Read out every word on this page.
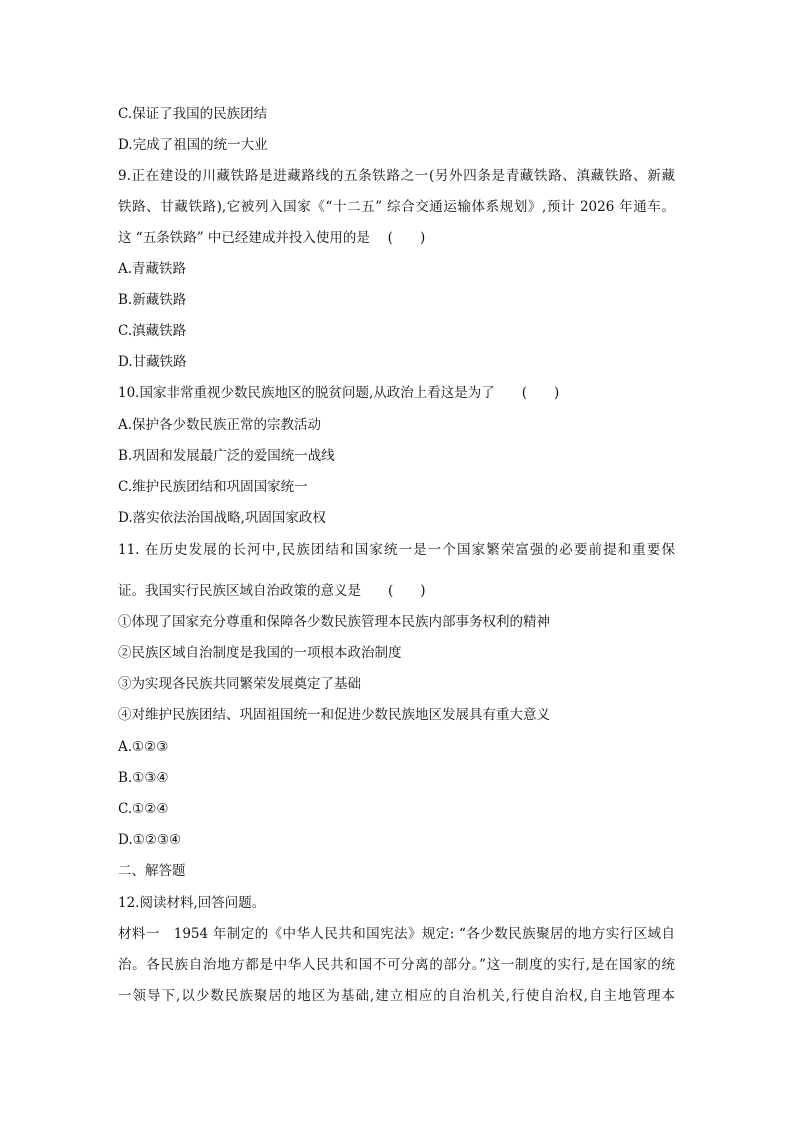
C.保证了我国的民族团结
D.完成了祖国的统一大业
9.正在建设的川藏铁路是进藏路线的五条铁路之一(另外四条是青藏铁路、滇藏铁路、新藏
铁路、甘藏铁路),它被列入国家《“十二五” 综合交通运输体系规划》,预计 2026 年通车。
这 “五条铁路” 中已经建成并投入使用的是 　(　　)
A.青藏铁路
B.新藏铁路
C.滇藏铁路
D.甘藏铁路
10.国家非常重视少数民族地区的脱贫问题,从政治上看这是为了　　(　　)
A.保护各少数民族正常的宗教活动
B.巩固和发展最广泛的爱国统一战线
C.维护民族团结和巩固国家统一
D.落实依法治国战略,巩固国家政权
11. 在历史发展的长河中,民族团结和国家统一是一个国家繁荣富强的必要前提和重要保
证。我国实行民族区域自治政策的意义是　　(　　)
①体现了国家充分尊重和保障各少数民族管理本民族内部事务权利的精神
②民族区域自治制度是我国的一项根本政治制度
③为实现各民族共同繁荣发展奠定了基础
④对维护民族团结、巩固祖国统一和促进少数民族地区发展具有重大意义
A.①②③
B.①③④
C.①②④
D.①②③④
二、解答题
12.阅读材料,回答问题。
材料一　1954 年制定的《中华人民共和国宪法》规定: “各少数民族聚居的地方实行区域自
治。各民族自治地方都是中华人民共和国不可分离的部分。”这一制度的实行,是在国家的统
一领导下,以少数民族聚居的地区为基础,建立相应的自治机关,行使自治权,自主地管理本
